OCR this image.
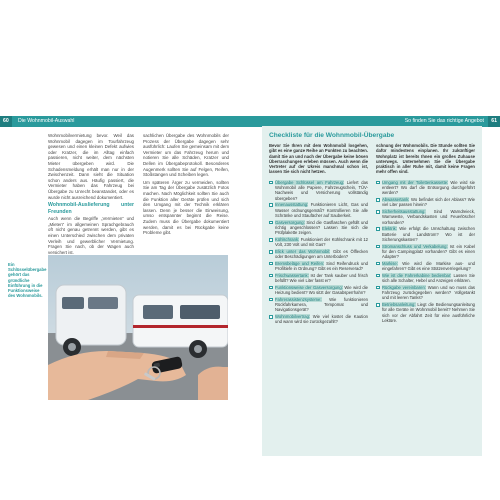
60	Die Wohnmobil-Auswahl	So finden Sie das richtige Angebot	61

Wohnmobilvermietung bevor. Weil das Wohnmobil dagegen im Tourfahrzeug gewesen und einen kleinen Defekt aufwies oder Kratzer, die im Alltag einfach passieren, nicht weiter, dem nächsten Mieter übergeben wird. Die Schadensmeldung erhält man nur in der Zwischenzeit. Dann sieht die Situation schon anders aus. Häufig passiert, die Vermieter haben das Fahrzeug bei Übergabe zu Unrecht beanstandet, oder es wurde nicht ausreichend dokumentiert.

Wohnmobil-Auslieferung unter Freunden

Auch wenn die Begriffe „Vermieten“ und „Mieten“ im allgemeinen Sprachgebrauch oft nicht genau getrennt werden, gibt es einen Unterschied zwischen dem privaten Verleih und gewerblicher Vermietung. Fragen Sie nach, ob der Wagen auch versichert ist.

sachlichen Übergabe des Wohnmobils der Prozess der Übergabe dagegen sehr ausführlich: Laufen Sie gemeinsam mit dem Vermieter um das Fahrzeug herum und notieren Sie alle Schäden, Kratzer und Dellen im Übergabeprotokoll. Besonderes Augenmerk sollten Sie auf Felgen, Reifen, Stoßstangen und Scheiben legen.

Um späteren Ärger zu vermeiden, sollten Sie am Tag der Übergabe zusätzlich Fotos machen. Nach Möglichkeit sollten Sie auch die Funktion aller Geräte prüfen und sich den Umgang mit der Technik erklären lassen. Denn je besser die Einweisung, umso entspannter beginnt die Reise. Zudem muss die Übergabe dokumentiert werden, damit es bei Rückgabe keine Probleme gibt.

Ein Schlüsselübergabe gehört das gründliche Einführung in die Funktionsweise des Wohnmobils.
Checkliste für die Wohnmobil-Übergabe
Bevor Sie Ihren mit dem Wohnmobil losgehen, gibt es eine ganze Reihe an Punkten zu beachten. damit Sie an und nach der Übergabe keine bösen Überraschungen erleben müssen. Auch wenn die Vertreter auf der Ukreis manchmal schon ist, lassen Sie sich nicht hetzen.
schnung der Wohnmobils. Die Stunde sollten Sie dafür mindestens einplanen. Ihr zukünftiger Wohnplatz ist bereits Ihnen ein großes Zuhause unterwegs. Unternehmen Sie die Übergabe praktisch in aller Ruhe mit, damit keine Fragen mehr offen sind.
Übergabe Schlüssel am Fahrzeug: Liefert das Wohnmobil alle Papiere, Fahrzeugschein, TÜV-Nachweis und Versicherung vollständig übergeben?
Innenausstattung: Funktionieren Licht, Gas und Wasser ordnungsgemäß? Kontrollieren Sie alle Schränke und Staufächer auf Sauberkeit.
Gasversorgung: Sind die Gasflaschen gefüllt und richtig angeschlossen? Lassen Sie sich die Prüfplakette zeigen.
Kühlschrank: Funktioniert der Kühlschrank mit 12 Volt, 230 Volt und mit Gas?
Blick unter das Wohnmobil: Gibt es Ölflecken oder Beschädigungen am Unterboden?
Bremsbeläge und Reifen: Sind Reifendruck und Profiltiefe in Ordnung? Gibt es ein Reserverad?
Frischwassertank: Ist der Tank sauber und frisch befüllt? Wie viel Liter fasst er?
Funktionsweise der Gasversorgung: Wie wird die Heizung bedient? Wo sitzt der Gasabsperrhahn?
Fahrerassistenzsysteme: Wie funktionieren Rückfahrkamera, Tempomat und Navigationsgerät?
Wohnmobilvertrag: Wie viel kostet die Kaution und wann wird sie zurückgezahlt?
Umgang mit der Toilettenkassette: Wie wird sie entleert? Wo darf die Entsorgung durchgeführt werden?
Abwassertank: Wo befindet sich der Ablass? Wie viel Liter passen hinein?
Sicherheitsausstattung: Sind Warndreieck, Warnweste, Verbandskasten und Feuerlöscher vorhanden?
Elektrik: Wie erfolgt die Umschaltung zwischen Batterie und Landstrom? Wo ist der Sicherungskasten?
Stromanschluss und Verkabelung: Ist ein Kabel für den Campingplatz vorhanden? Gibt es einen Adapter?
Markise: Wie wird die Markise aus- und eingefahren? Gibt es eine Stützenverriegelung?
Wie ist die Fahrerkabine bedienbar: Lassen Sie sich alle Schalter, Hebel und Anzeigen erklären.
Rückgabe vereinbaren: Wann und wo muss das Fahrzeug zurückgegeben werden? Vollgetankt und mit leeren Tanks?
Betriebsanleitung: Liegt die Bedienungsanleitung für alle Geräte im Wohnmobil bereit? Nehmen Sie sich vor der Abfahrt Zeit für eine ausführliche Lektüre.
